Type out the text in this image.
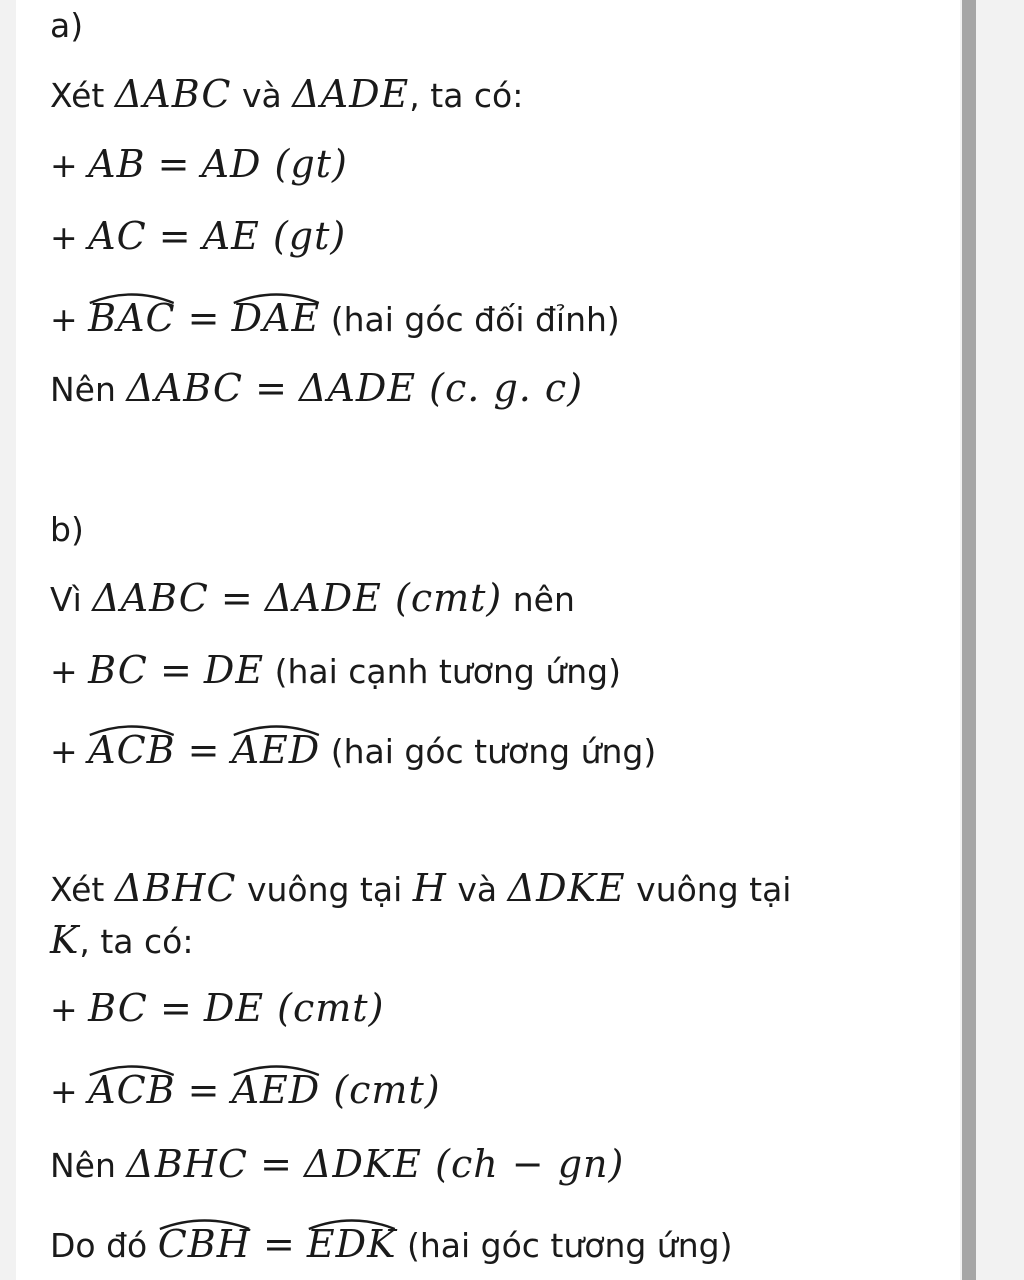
a)
Xét ΔABC và ΔADE, ta có:
+ AB = AD (gt)
+ AC = AE (gt)
+
BAC =
DAE (hai góc đối đỉnh)
Nên ΔABC = ΔADE (c. g. c)
b)
Vì ΔABC = ΔADE (cmt) nên
+ BC = DE (hai cạnh tương ứng)
+
ACB =
AED (hai góc tương ứng)
Xét ΔBHC vuông tại H và ΔDKE vuông tại
K, ta có:
+ BC = DE (cmt)
+
ACB =
AED (cmt)
Nên ΔBHC = ΔDKE (ch − gn)
Do đó
CBH =
EDK (hai góc tương ứng)
